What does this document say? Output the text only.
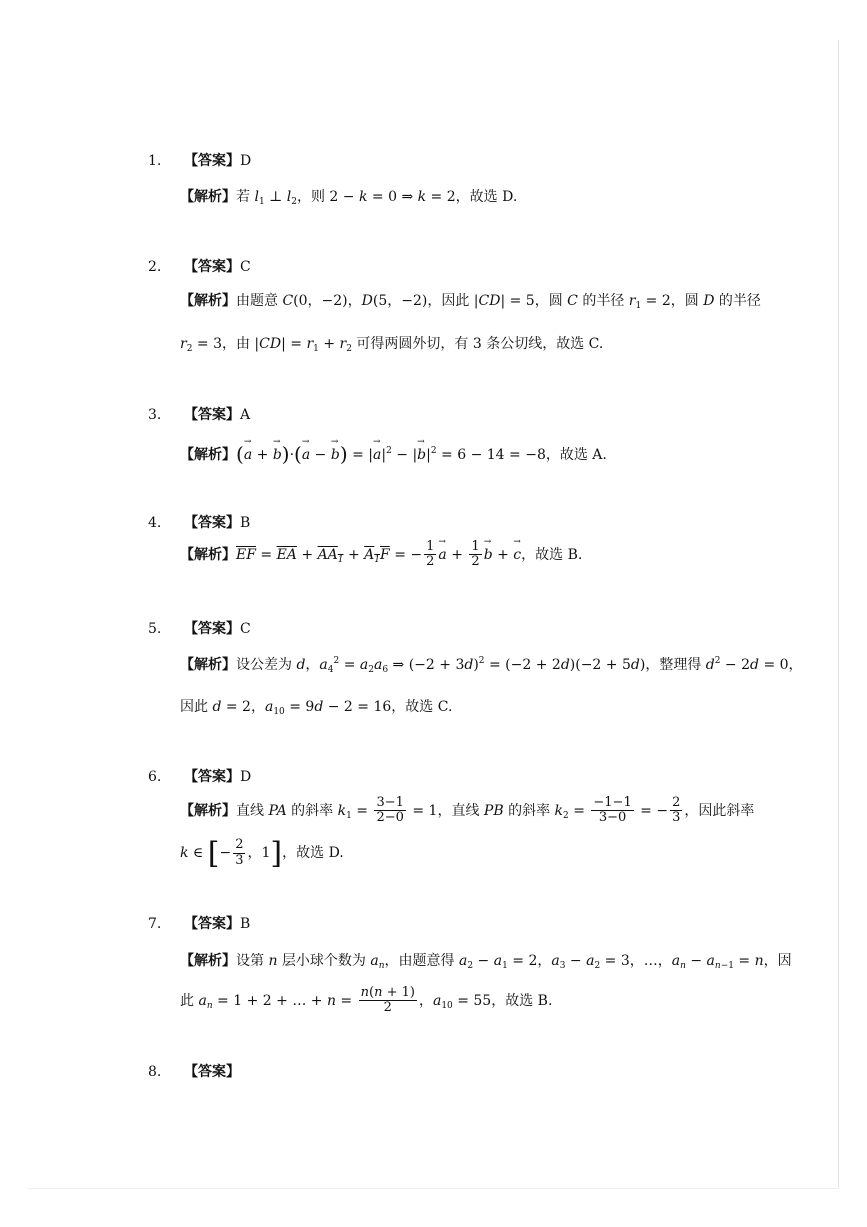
1. 【答案】D
【解析】若 $l_1$ ⊥ $l_2$，则 2 − k = 0 ⇒ k = 2，故选 D.
2. 【答案】C
【解析】由题意 C(0，−2)，D(5，−2)，因此 |CD| = 5，圆 C 的半径 $r_1 = 2$，圆 D 的半径
$r_2 = 3$，由 $|CD| = r_1 + r_2$ 可得两圆外切，有 3 条公切线，故选 C.
3. 【答案】A
【解析】(→ a + → b)·(→ a − → b) = |→ $a|^2$ − |→ $b|^2 = 6 - 14 = -8$，故选 A.
4. 【答案】B
【解析】$\overline{EF} = \overline{EA} + AA_1 + A_1F$ = − $\frac{1}{2} \to a + \frac{1}{2} \to b$ + → c，故选 B.
5. 【答案】C
【解析】设公差为 d，$a_4^2 = a_2a_6$ ⇒ $(-2 + 3d)^2 = (-2 + 2d)(-2 + 5d)$，整理得 $d^2 - 2d = 0$，
因此 d = 2，$a_{10} = 9d - 2 = 16$，故选 C.
6. 【答案】D
【解析】直线 PA 的斜率 $k_1 = \frac{3-1}{2-0} = 1$，直线 PB 的斜率 $k_2 = \frac{-1-1}{3-0}$ = − $\frac{2}{3}$ ，因此斜率
k ∈ [− $\frac{2}{3}$ ，1]，故选 D.
7. 【答案】B
【解析】设第 n 层小球个数为 $a_n$，由题意得 $a_2 - a_1 = 2$，$a_3 - a_2 = 3$，…，$a_n - a_{n-1} = n$，因
此 $a_n = 1 + 2$ + … + $n = \frac{n(n + 1)}{2}$ ，$a_{10} = 55$，故选 B.
8. 【答案】
